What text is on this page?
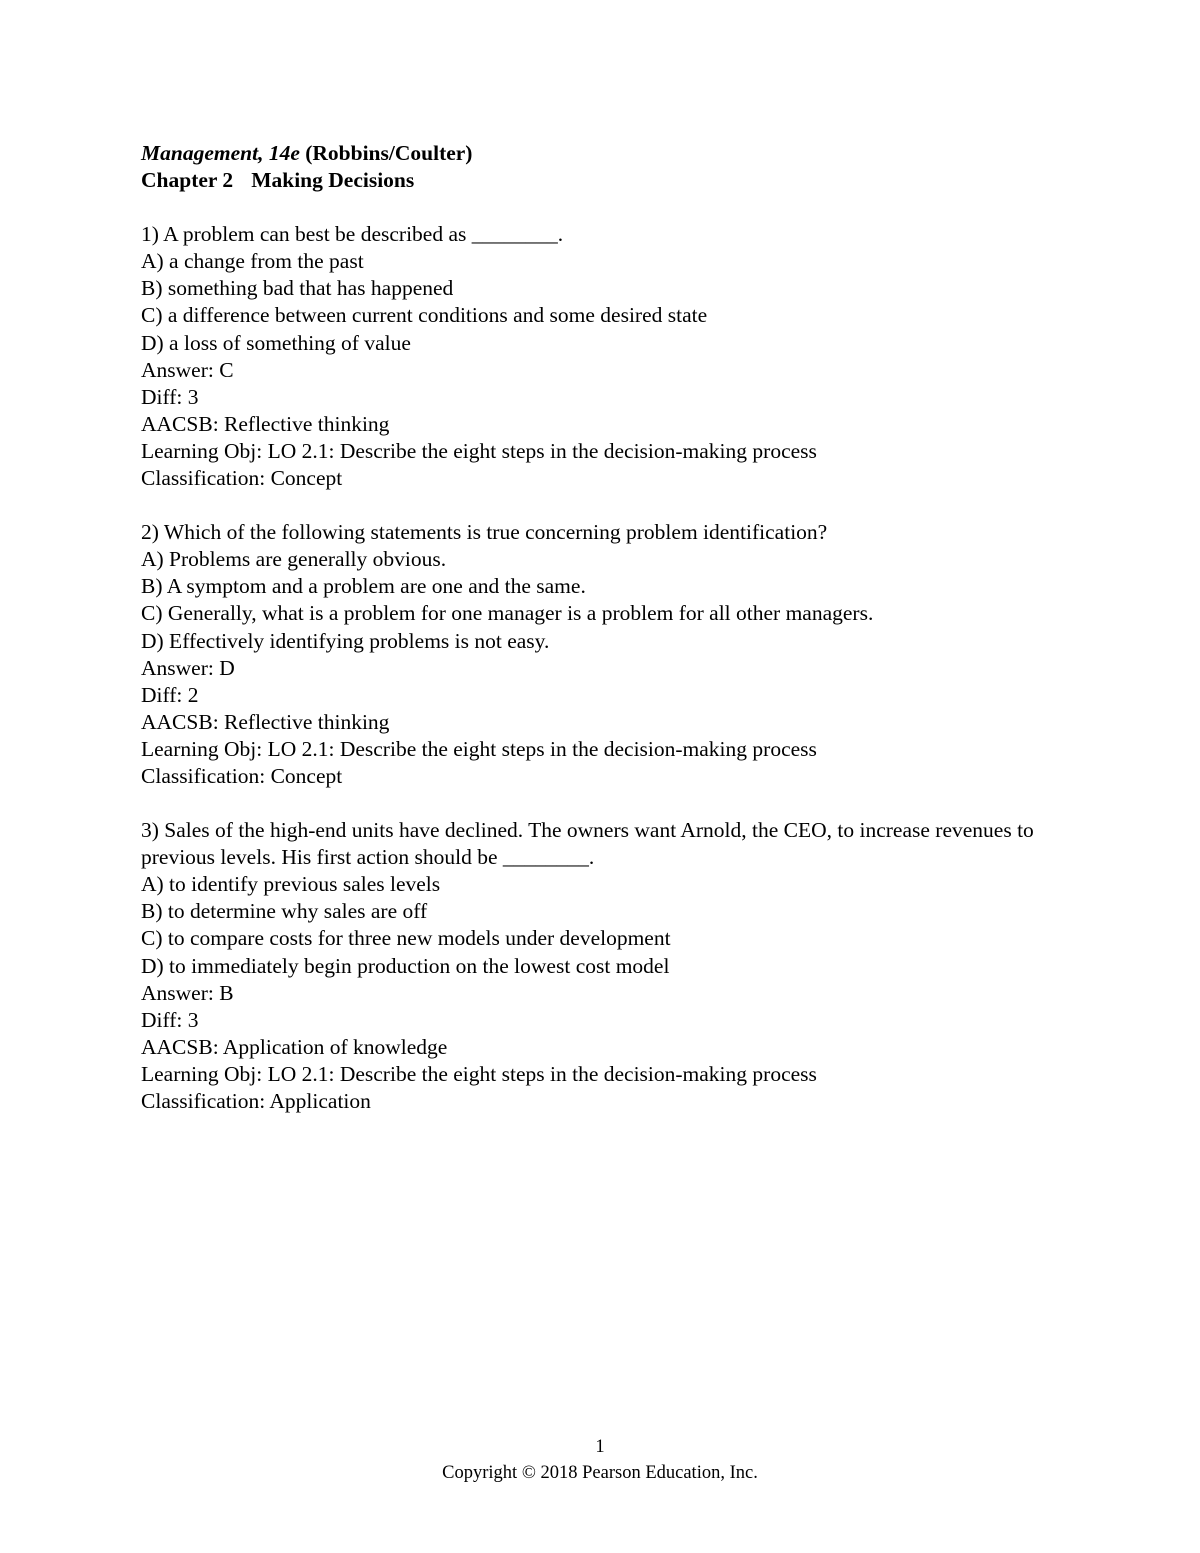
Management, 14e (Robbins/Coulter)

Chapter 2 Making Decisions

1) A problem can best be described as ________.

A) a change from the past

B) something bad that has happened

C) a difference between current conditions and some desired state

D) a loss of something of value

Answer: C

Diff: 3

AACSB: Reflective thinking

Learning Obj: LO 2.1: Describe the eight steps in the decision-making process

Classification: Concept

2) Which of the following statements is true concerning problem identification?

A) Problems are generally obvious.

B) A symptom and a problem are one and the same.

C) Generally, what is a problem for one manager is a problem for all other managers.

D) Effectively identifying problems is not easy.

Answer: D

Diff: 2

AACSB: Reflective thinking

Learning Obj: LO 2.1: Describe the eight steps in the decision-making process

Classification: Concept

3) Sales of the high-end units have declined. The owners want Arnold, the CEO, to increase revenues to previous levels. His first action should be ________.

A) to identify previous sales levels

B) to determine why sales are off

C) to compare costs for three new models under development

D) to immediately begin production on the lowest cost model

Answer: B

Diff: 3

AACSB: Application of knowledge

Learning Obj: LO 2.1: Describe the eight steps in the decision-making process

Classification: Application

1
Copyright © 2018 Pearson Education, Inc.
